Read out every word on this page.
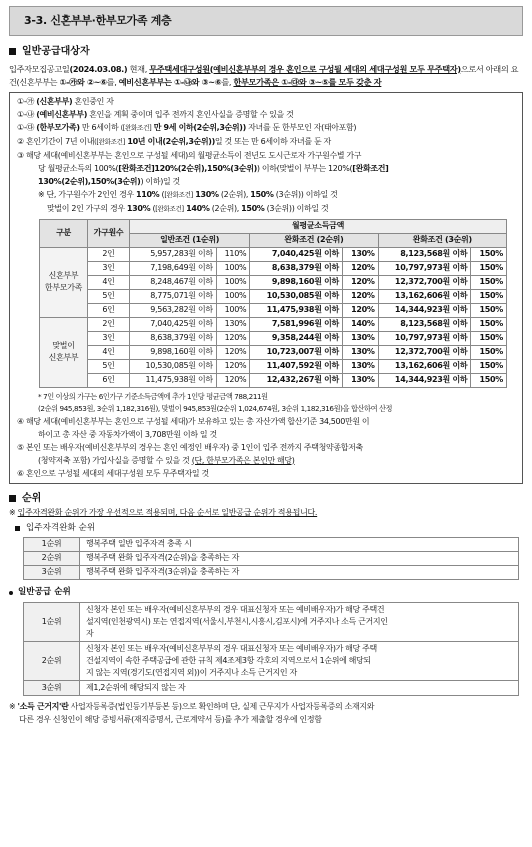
3-3. 신혼부부·한부모가족 계층
일반공급대상자
입주자모집공고일(2024.03.08.) 현재, 무주택세대구성원(예비신혼부부의 경우 혼인으로 구성될 세대의 세대구성원 모두 무주택자)으로서 아래의 요건(신혼부부는 ①-㉮와 ②~⑥를, 예비신혼부부는 ①-㉯와 ③~⑥를, 한부모가족은 ①-㉰와 ③~⑤를 모두 갖춘 자
①-㉮ (신혼부부) 혼인중인 자
①-㉯ (예비신혼부부) 혼인을 계획 중이며 입주 전까지 혼인사실을 증명할 수 있을 것
①-㉰ (한부모가족) 만 6세이하 ([완화조건] 만 9세 이하(2순위,3순위)) 자녀를 둔 한부모인 자(태아포함)
② 혼인기간이 7년 이내([완화조건] 10년 이내(2순위,3순위))일 것 또는 만 6세이하 자녀를 둔 자
③ 해당 세대(예비신혼부부는 혼인으로 구성될 세대)의 월평균소득이 전년도 도시근로자 가구원수별 가구
당 월평균소득의 100%([완화조건]120%(2순위),150%(3순위)) 이하(맞벌이 부부는 120%([완화조건]
130%(2순위),150%(3순위)) 이하)일 것
※ 단, 가구원수가 2인인 경우 110% ([완화조건] 130% (2순위), 150% (3순위)) 이하일 것
맞벌이 2인 가구의 경우 130% ([완화조건] 140% (2순위), 150% (3순위)) 이하일 것
구분	가구원수	월평균소득금액					
		일반조건 (1순위)		완화조건 (2순위)		완화조건 (3순위)	
신혼부부
한부모가족	2인	5,957,283원 이하	110%	7,040,425원 이하	130%	8,123,568원 이하	150%
	3인	7,198,649원 이하	100%	8,638,379원 이하	120%	10,797,973원 이하	150%
	4인	8,248,467원 이하	100%	9,898,160원 이하	120%	12,372,700원 이하	150%
	5인	8,775,071원 이하	100%	10,530,085원 이하	120%	13,162,606원 이하	150%
	6인	9,563,282원 이하	100%	11,475,938원 이하	120%	14,344,923원 이하	150%
맞벌이
신혼부부	2인	7,040,425원 이하	130%	7,581,996원 이하	140%	8,123,568원 이하	150%
	3인	8,638,379원 이하	120%	9,358,244원 이하	130%	10,797,973원 이하	150%
	4인	9,898,160원 이하	120%	10,723,007원 이하	130%	12,372,700원 이하	150%
	5인	10,530,085원 이하	120%	11,407,592원 이하	130%	13,162,606원 이하	150%
	6인	11,475,938원 이하	120%	12,432,267원 이하	130%	14,344,923원 이하	150%
* 7인 이상의 가구는 6인가구 기준소득금액에 추가 1인당 평균금액 788,211원
(2순위 945,853원, 3순위 1,182,316원), 맞벌이 945,853원(2순위 1,024,674원, 3순위 1,182,316원)을 합산하여 산정
④ 해당 세대(예비신혼부부는 혼인으로 구성될 세대)가 보유하고 있는 총 자산가액 합산기준 34,500만원 이
하이고 총 자산 중 자동차가액이 3,708만원 이하 일 것
⑤ 본인 또는 배우자(예비신혼부부의 경우는 혼인 예정인 배우자) 중 1인이 입주 전까지 주택청약종합저축
(청약저축 포함) 가입사실을 증명할 수 있을 것 (단, 한부모가족은 본인만 해당)
⑥ 혼인으로 구성될 세대의 세대구성원 모두 무주택자일 것
순위
※ 입주자격완화 순위가 가장 우선적으로 적용되며, 다음 순서로 일반공급 순위가 적용됩니다.
입주자격완화 순위
1순위	행복주택 일반 입주자격 충족 시
2순위	행복주택 완화 입주자격(2순위)을 충족하는 자
3순위	행복주택 완화 입주자격(3순위)을 충족하는 자
일반공급 순위
1순위	신청자 본인 또는 배우자(예비신혼부부의 경우 대표신청자 또는 예비배우자)가 해당 주택건
설지역(인천광역시) 또는 연접지역(서울시,부천시,시흥시,김포시)에 거주지나 소득 근거지인
자

2순위	신청자 본인 또는 배우자(예비신혼부부의 경우 대표신청자 또는 예비배우자)가 해당 주택
건설지역이 속한 주택공급에 관한 규칙 제4조제3항 각호의 지역으로서 1순위에 해당되
지 않는 지역(경기도(연접지역 외))이 거주지나 소득 근거지인 자

3순위	제1,2순위에 해당되지 않는 자
※ '소득 근거지'란 사업자등록증(법인등기부등본 등)으로 확인하며 단, 실제 근무지가 사업자등록증의 소재지와
다른 경우 신청인이 해당 증빙서류(재직증명서, 근로계약서 등)를 추가 제출할 경우에 인정함
